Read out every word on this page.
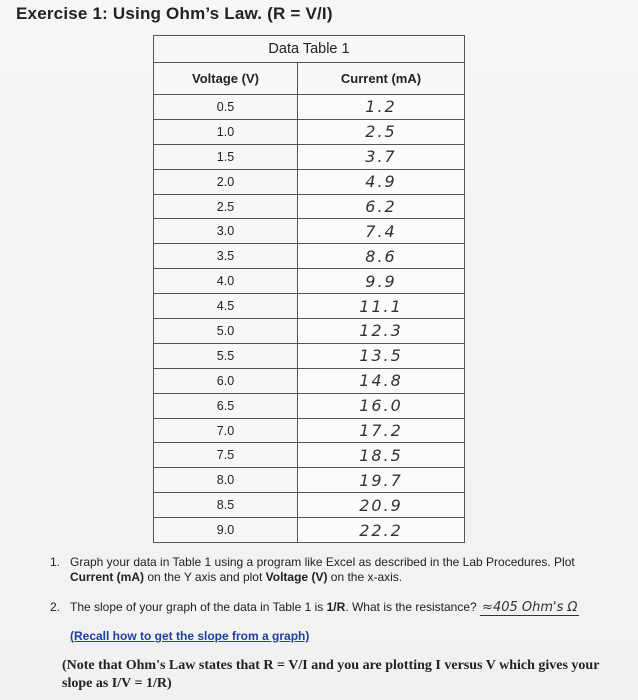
Exercise 1: Using Ohm’s Law. (R = V/I)
Data Table 1	
Voltage (V)	Current (mA)
0.5	1.2
1.0	2.5
1.5	3.7
2.0	4.9
2.5	6.2
3.0	7.4
3.5	8.6
4.0	9.9
4.5	11.1
5.0	12.3
5.5	13.5
6.0	14.8
6.5	16.0
7.0	17.2
7.5	18.5
8.0	19.7
8.5	20.9
9.0	22.2
1. Graph your data in Table 1 using a program like Excel as described in the Lab Procedures. Plot
Current (mA) on the Y axis and plot Voltage (V) on the x-axis.
2. The slope of your graph of the data in Table 1 is 1/R. What is the resistance? ≈405 Ohm's Ω
(Recall how to get the slope from a graph)
(Note that Ohm's Law states that R = V/I and you are plotting I versus V which gives your slope as I/V = 1/R)
